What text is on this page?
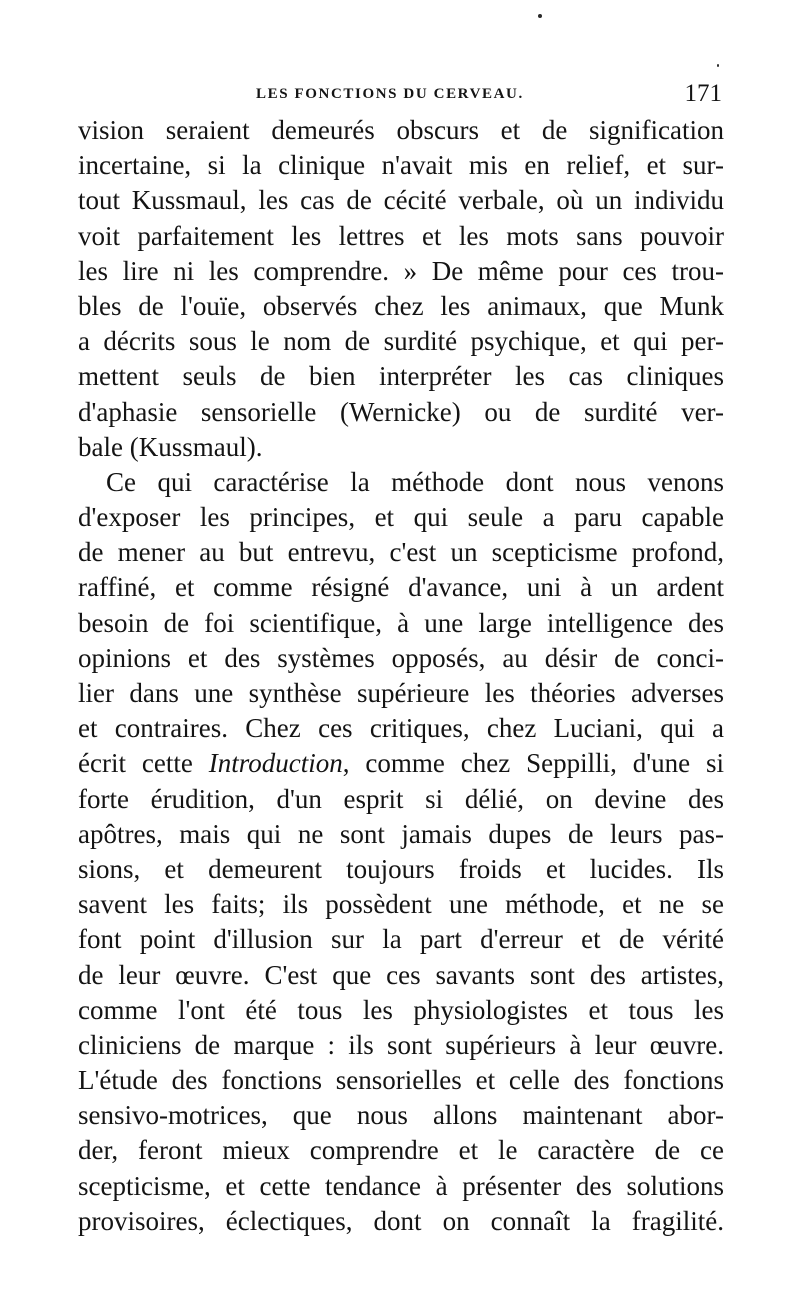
LES FONCTIONS DU CERVEAU.	171
vision seraient demeurés obscurs et de signification
incertaine, si la clinique n'avait mis en relief, et sur-
tout Kussmaul, les cas de cécité verbale, où un individu
voit parfaitement les lettres et les mots sans pouvoir
les lire ni les comprendre. » De même pour ces trou-
bles de l'ouïe, observés chez les animaux, que Munk
a décrits sous le nom de surdité psychique, et qui per-
mettent seuls de bien interpréter les cas cliniques
d'aphasie sensorielle (Wernicke) ou de surdité ver-
bale (Kussmaul).
Ce qui caractérise la méthode dont nous venons
d'exposer les principes, et qui seule a paru capable
de mener au but entrevu, c'est un scepticisme profond,
raffiné, et comme résigné d'avance, uni à un ardent
besoin de foi scientifique, à une large intelligence des
opinions et des systèmes opposés, au désir de conci-
lier dans une synthèse supérieure les théories adverses
et contraires. Chez ces critiques, chez Luciani, qui a
écrit cette Introduction, comme chez Seppilli, d'une si
forte érudition, d'un esprit si délié, on devine des
apôtres, mais qui ne sont jamais dupes de leurs pas-
sions, et demeurent toujours froids et lucides. Ils
savent les faits; ils possèdent une méthode, et ne se
font point d'illusion sur la part d'erreur et de vérité
de leur œuvre. C'est que ces savants sont des artistes,
comme l'ont été tous les physiologistes et tous les
cliniciens de marque : ils sont supérieurs à leur œuvre.
L'étude des fonctions sensorielles et celle des fonctions
sensivo-motrices, que nous allons maintenant abor-
der, feront mieux comprendre et le caractère de ce
scepticisme, et cette tendance à présenter des solutions
provisoires, éclectiques, dont on connaît la fragilité.
